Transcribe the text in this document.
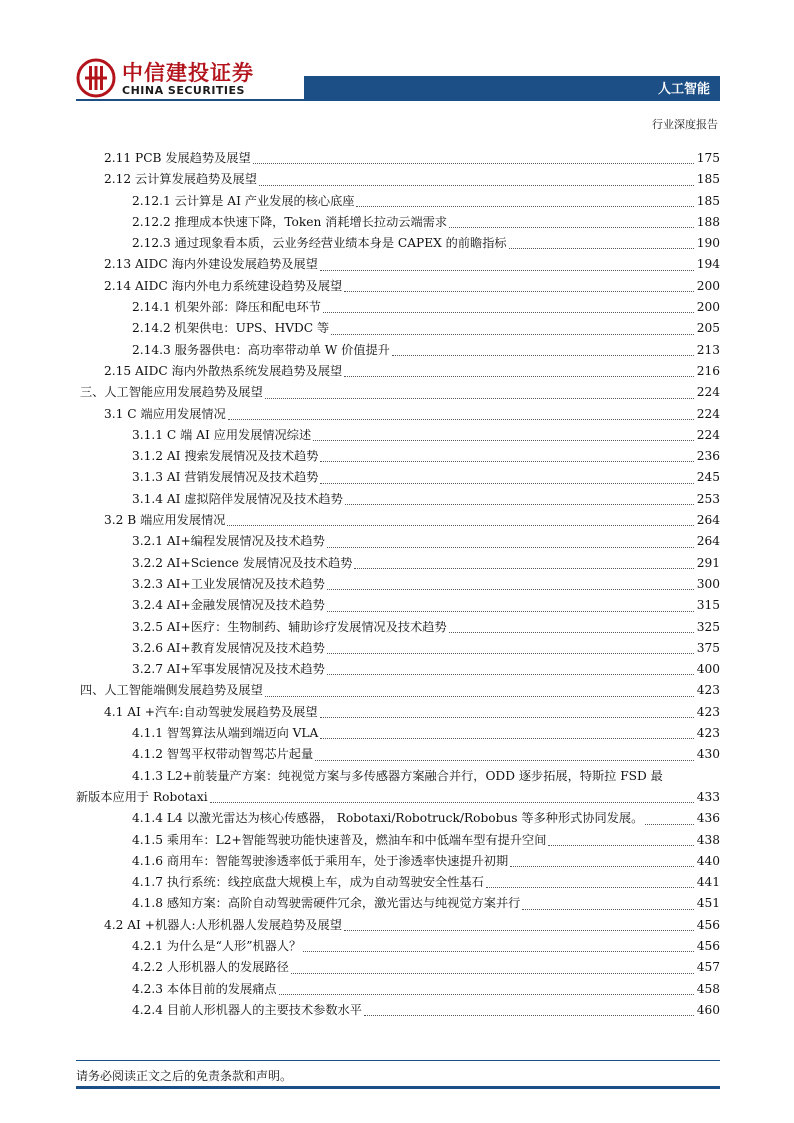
中信建投证券
CHINA SECURITIES	人工智能
行业深度报告
2.11 PCB 发展趋势及展望	175
2.12 云计算发展趋势及展望	185
2.12.1 云计算是 AI 产业发展的核心底座	185
2.12.2 推理成本快速下降，Token 消耗增长拉动云端需求	188
2.12.3 通过现象看本质，云业务经营业绩本身是 CAPEX 的前瞻指标	190
2.13 AIDC 海内外建设发展趋势及展望	194
2.14 AIDC 海内外电力系统建设趋势及展望	200
2.14.1 机架外部：降压和配电环节	200
2.14.2 机架供电：UPS、HVDC 等	205
2.14.3 服务器供电：高功率带动单 W 价值提升	213
2.15 AIDC 海内外散热系统发展趋势及展望	216
三、人工智能应用发展趋势及展望	224
3.1 C 端应用发展情况	224
3.1.1 C 端 AI 应用发展情况综述	224
3.1.2 AI 搜索发展情况及技术趋势	236
3.1.3 AI 营销发展情况及技术趋势	245
3.1.4 AI 虚拟陪伴发展情况及技术趋势	253
3.2 B 端应用发展情况	264
3.2.1 AI+编程发展情况及技术趋势	264
3.2.2 AI+Science 发展情况及技术趋势	291
3.2.3 AI+工业发展情况及技术趋势	300
3.2.4 AI+金融发展情况及技术趋势	315
3.2.5 AI+医疗：生物制药、辅助诊疗发展情况及技术趋势	325
3.2.6 AI+教育发展情况及技术趋势	375
3.2.7 AI+军事发展情况及技术趋势	400
四、人工智能端侧发展趋势及展望	423
4.1 AI +汽车:自动驾驶发展趋势及展望	423
4.1.1 智驾算法从端到端迈向 VLA	423
4.1.2 智驾平权带动智驾芯片起量	430
4.1.3 L2+前装量产方案：纯视觉方案与多传感器方案融合并行，ODD 逐步拓展，特斯拉 FSD 最
新版本应用于 Robotaxi	433
4.1.4 L4 以激光雷达为核心传感器， Robotaxi/Robotruck/Robobus 等多种形式协同发展。	436
4.1.5 乘用车：L2+智能驾驶功能快速普及，燃油车和中低端车型有提升空间	438
4.1.6 商用车：智能驾驶渗透率低于乘用车，处于渗透率快速提升初期	440
4.1.7 执行系统：线控底盘大规模上车，成为自动驾驶安全性基石	441
4.1.8 感知方案：高阶自动驾驶需硬件冗余，激光雷达与纯视觉方案并行	451
4.2 AI +机器人:人形机器人发展趋势及展望	456
4.2.1 为什么是“人形”机器人？	456
4.2.2 人形机器人的发展路径	457
4.2.3 本体目前的发展痛点	458
4.2.4 目前人形机器人的主要技术参数水平	460
请务必阅读正文之后的免责条款和声明。
